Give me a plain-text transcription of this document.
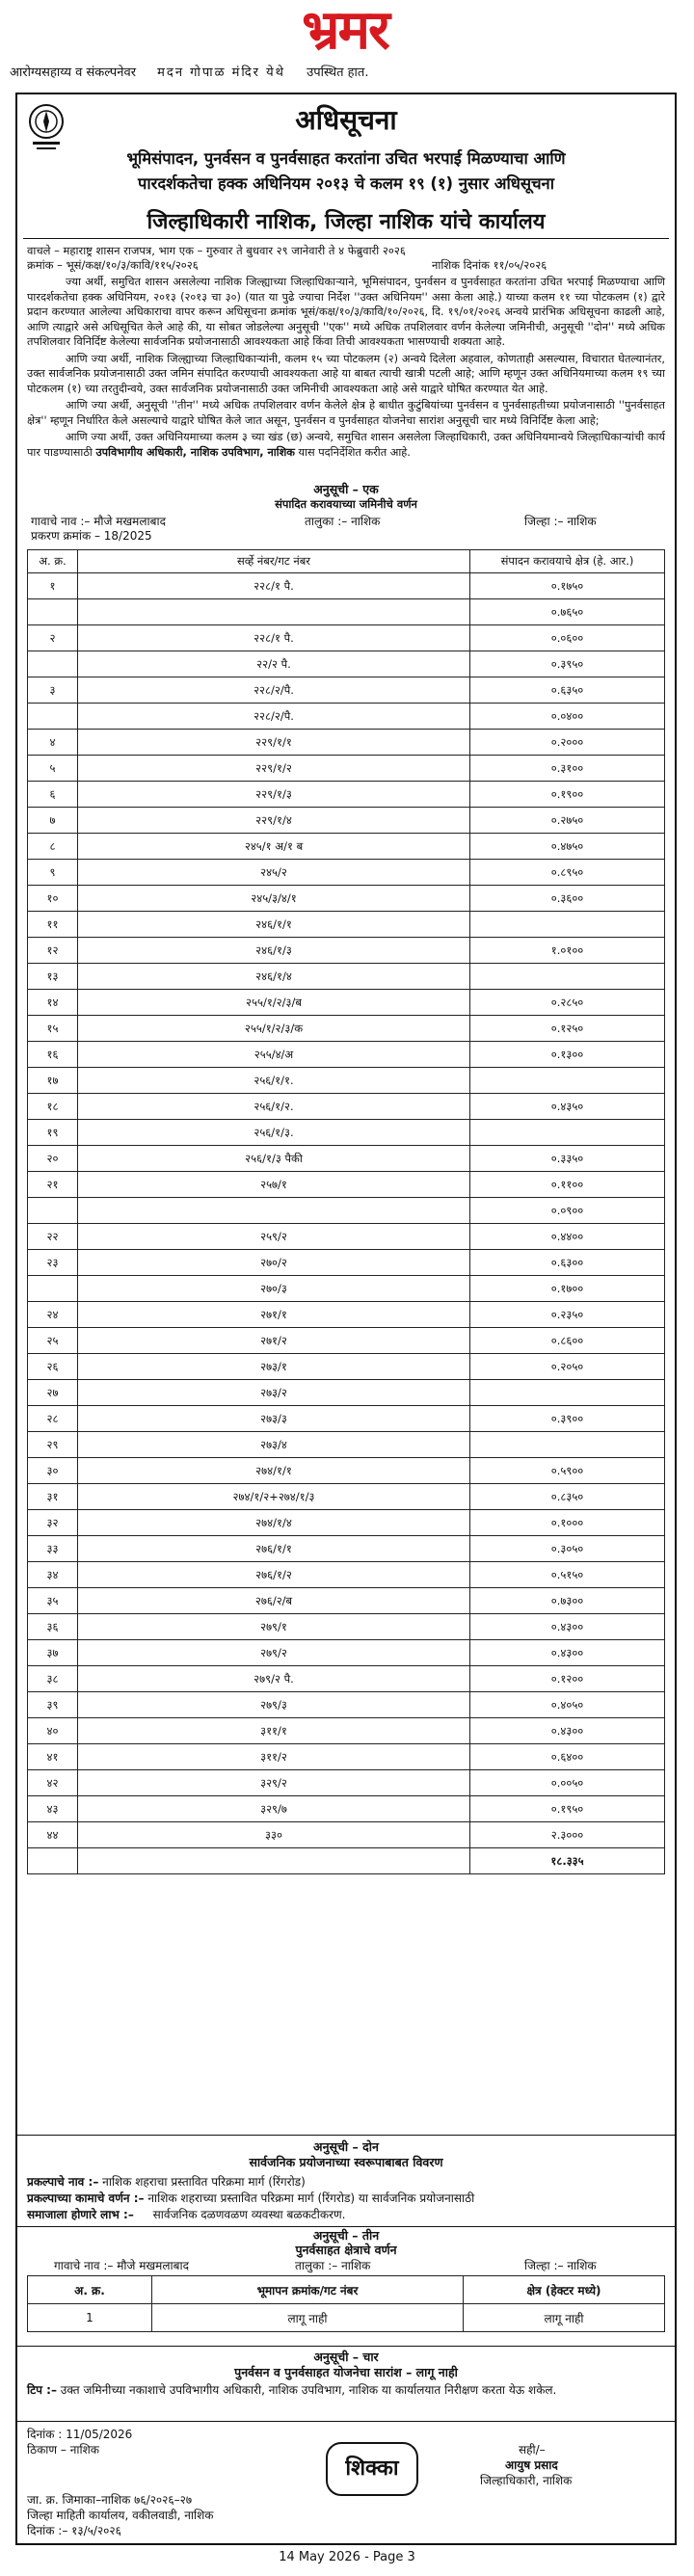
भ्रमर
आरोग्यसहाय्य व संकल्पनेवर मदन गोपाळ मंदिर येथे उपस्थित हात.
अधिसूचना
भूमिसंपादन, पुनर्वसन व पुनर्वसाहत करतांना उचित भरपाई मिळण्याचा आणि
पारदर्शकतेचा हक्क अधिनियम २०१३ चे कलम १९ (१) नुसार अधिसूचना
जिल्हाधिकारी नाशिक, जिल्हा नाशिक यांचे कार्यालय
वाचले – महाराष्ट्र शासन राजपत्र, भाग एक – गुरुवार ते बुधवार २९ जानेवारी ते ४ फेब्रुवारी २०२६
क्रमांक – भूसं/कक्ष/१०/३/कावि/११५/२०२६	नाशिक दिनांक ११/०५/२०२६

ज्या अर्थी, समुचित शासन असलेल्या नाशिक जिल्ह्याच्या जिल्हाधिकाऱ्याने, भूमिसंपादन, पुनर्वसन व पुनर्वसाहत करतांना उचित भरपाई मिळण्याचा आणि पारदर्शकतेचा हक्क अधिनियम, २०१३ (२०१३ चा ३०) (यात या पुढे ज्याचा निर्देश ''उक्त अधिनियम'' असा केला आहे.) याच्या कलम ११ च्या पोटकलम (१) द्वारे प्रदान करण्यात आलेल्या अधिकाराचा वापर करून अधिसूचना क्रमांक भूसं/कक्ष/१०/३/कावि/१०/२०२६, दि. १९/०१/२०२६ अन्वये प्रारंभिक अधिसूचना काढली आहे, आणि त्याद्वारे असे अधिसूचित केले आहे की, या सोबत जोडलेल्या अनुसूची ''एक'' मध्ये अधिक तपशिलवार वर्णन केलेल्या जमिनीची, अनुसूची ''दोन'' मध्ये अधिक तपशिलवार विनिर्दिष्ट केलेल्या सार्वजनिक प्रयोजनासाठी आवश्यकता आहे किंवा तिची आवश्यकता भासण्याची शक्यता आहे.

आणि ज्या अर्थी, नाशिक जिल्ह्याच्या जिल्हाधिकाऱ्यांनी, कलम १५ च्या पोटकलम (२) अन्वये दिलेला अहवाल, कोणताही असल्यास, विचारात घेतल्यानंतर, उक्त सार्वजनिक प्रयोजनासाठी उक्त जमिन संपादित करण्याची आवश्यकता आहे या बाबत त्याची खात्री पटली आहे; आणि म्हणून उक्त अधिनियमाच्या कलम १९ च्या पोटकलम (१) च्या तरतुदीन्वये, उक्त सार्वजनिक प्रयोजनासाठी उक्त जमिनीची आवश्यकता आहे असे याद्वारे घोषित करण्यात येत आहे.

आणि ज्या अर्थी, अनुसूची ''तीन'' मध्ये अधिक तपशिलवार वर्णन केलेले क्षेत्र हे बाधीत कुटुंबियांच्या पुनर्वसन व पुनर्वसाहतीच्या प्रयोजनासाठी ''पुनर्वसाहत क्षेत्र'' म्हणून निर्धारित केले असल्याचे याद्वारे घोषित केले जात असून, पुनर्वसन व पुनर्वसाहत योजनेचा सारांश अनुसूची चार मध्ये विनिर्दिष्ट केला आहे;

आणि ज्या अर्थी, उक्त अधिनियमाच्या कलम ३ च्या खंड (छ) अन्वये, समुचित शासन असलेला जिल्हाधिकारी, उक्त अधिनियमान्वये जिल्हाधिकाऱ्यांची कार्य पार पाडण्यासाठी उपविभागीय अधिकारी, नाशिक उपविभाग, नाशिक यास पदनिर्देशित करीत आहे.

अनुसूची – एक
संपादित करावयाच्या जमिनीचे वर्णन
गावाचे नाव :– मौजे मखमलाबाद	तालुका :– नाशिक	जिल्हा :– नाशिक
प्रकरण क्रमांक – 18/2025
अ. क्र.	सर्व्हे नंबर/गट नंबर	संपादन करावयाचे क्षेत्र (हे. आर.)
१	२२८/१ पै.	०.१७५०
		०.७६५०
२	२२८/१ पै.	०.०६००
	२२/२ पै.	०.३९५०
३	२२८/२/पै.	०.६३५०
	२२८/२/पै.	०.०४००
४	२२९/१/१	०.२०००
५	२२९/१/२	०.३१००
६	२२९/१/३	०.१९००
७	२२९/१/४	०.२७५०
८	२४५/१ अ/१ ब	०.४७५०
९	२४५/२	०.८९५०
१०	२४५/३/४/१	०.३६००
११	२४६/१/१	
१२	२४६/१/३	१.०१००
१३	२४६/१/४	
१४	२५५/१/२/३/ब	०.२८५०
१५	२५५/१/२/३/क	०.१२५०
१६	२५५/४/अ	०.१३००
१७	२५६/१/१.	
१८	२५६/१/२.	०.४३५०
१९	२५६/१/३.	
२०	२५६/१/३ पैकी	०.३३५०
२१	२५७/१	०.११००
		०.०९००
२२	२५९/२	०.४४००
२३	२७०/२	०.६३००
	२७०/३	०.१७००
२४	२७१/१	०.२३५०
२५	२७१/२	०.८६००
२६	२७३/१	०.२०५०
२७	२७३/२	
२८	२७३/३	०.३९००
२९	२७३/४	
३०	२७४/१/१	०.५९००
३१	२७४/१/२+२७४/१/३	०.८३५०
३२	२७४/१/४	०.१०००
३३	२७६/१/१	०.३०५०
३४	२७६/१/२	०.५१५०
३५	२७६/२/ब	०.७३००
३६	२७९/१	०.४३००
३७	२७९/२	०.४३००
३८	२७९/२ पै.	०.१२००
३९	२७९/३	०.४०५०
४०	३११/१	०.४३००
४१	३११/२	०.६४००
४२	३२९/२	०.००५०
४३	३२९/७	०.१९५०
४४	३३०	२.३०००
		१८.३३५
अनुसूची – दोन
सार्वजनिक प्रयोजनाच्या स्वरूपाबाबत विवरण
प्रकल्पाचे नाव :– नाशिक शहराचा प्रस्तावित परिक्रमा मार्ग (रिंगरोड)
प्रकल्पाच्या कामाचे वर्णन :– नाशिक शहराच्या प्रस्तावित परिक्रमा मार्ग (रिंगरोड) या सार्वजनिक प्रयोजनासाठी
समाजाला होणारे लाभ :– सार्वजनिक दळणवळण व्यवस्था बळकटीकरण.
अनुसूची – तीन
पुनर्वसाहत क्षेत्राचे वर्णन
गावाचे नाव :– मौजे मखमलाबाद	तालुका :– नाशिक	जिल्हा :– नाशिक
अ. क्र.	भूमापन क्रमांक/गट नंबर	क्षेत्र (हेक्टर मध्ये)
1	लागू नाही	लागू नाही
अनुसूची – चार
पुनर्वसन व पुनर्वसाहत योजनेचा सारांश – लागू नाही
टिप :– उक्त जमिनीच्या नकाशाचे उपविभागीय अधिकारी, नाशिक उपविभाग, नाशिक या कार्यालयात निरीक्षण करता येऊ शकेल.
दिनांक : 11/05/2026
ठिकाण – नाशिक
शिक्का
सही/–
आयुष प्रसाद
जिल्हाधिकारी, नाशिक
जा. क्र. जिमाका–नाशिक ७६/२०२६–२७
जिल्हा माहिती कार्यालय, वकीलवाडी, नाशिक
दिनांक :– १३/५/२०२६
14 May 2026 - Page 3
